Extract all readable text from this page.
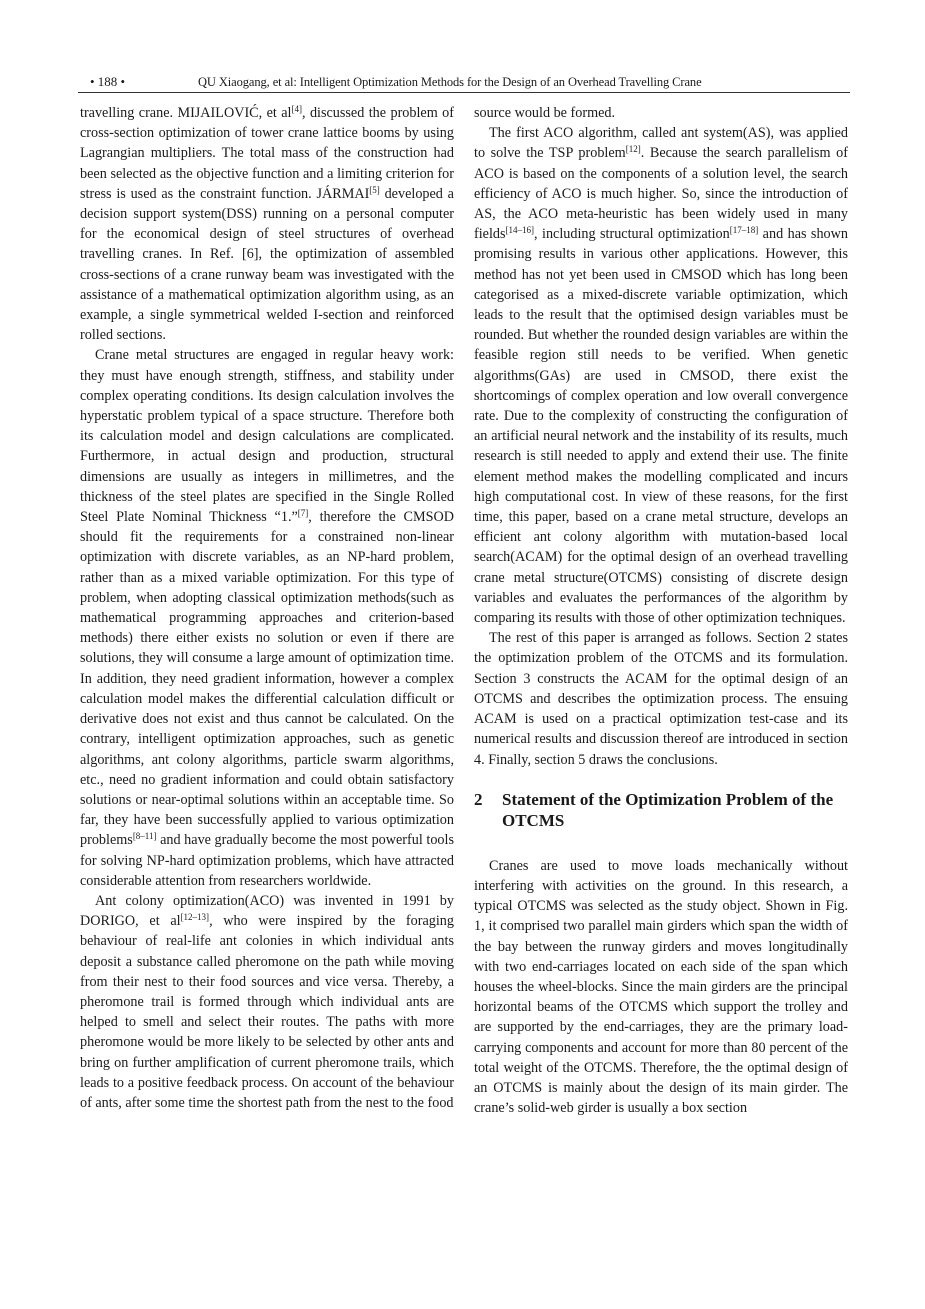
• 188 •	QU Xiaogang, et al: Intelligent Optimization Methods for the Design of an Overhead Travelling Crane

travelling crane. MIJAILOVIĆ, et al[4], discussed the problem of cross-section optimization of tower crane lattice booms by using Lagrangian multipliers. The total mass of the construction had been selected as the objective function and a limiting criterion for stress is used as the constraint function. JÁRMAI[5] developed a decision support system(DSS) running on a personal computer for the economical design of steel structures of overhead travelling cranes. In Ref. [6], the optimization of assembled cross-sections of a crane runway beam was investigated with the assistance of a mathematical optimization algorithm using, as an example, a single symmetrical welded I-section and reinforced rolled sections.

Crane metal structures are engaged in regular heavy work: they must have enough strength, stiffness, and stability under complex operating conditions. Its design calculation involves the hyperstatic problem typical of a space structure. Therefore both its calculation model and design calculations are complicated. Furthermore, in actual design and production, structural dimensions are usually as integers in millimetres, and the thickness of the steel plates are specified in the Single Rolled Steel Plate Nominal Thickness “1.”[7], therefore the CMSOD should fit the requirements for a constrained non-linear optimization with discrete variables, as an NP-hard problem, rather than as a mixed variable optimization. For this type of problem, when adopting classical optimization methods(such as mathematical programming approaches and criterion-based methods) there either exists no solution or even if there are solutions, they will consume a large amount of optimization time. In addition, they need gradient information, however a complex calculation model makes the differential calculation difficult or derivative does not exist and thus cannot be calculated. On the contrary, intelligent optimization approaches, such as genetic algorithms, ant colony algorithms, particle swarm algorithms, etc., need no gradient information and could obtain satisfactory solutions or near-optimal solutions within an acceptable time. So far, they have been successfully applied to various optimization problems[8–11] and have gradually become the most powerful tools for solving NP-hard optimization problems, which have attracted considerable attention from researchers worldwide.

Ant colony optimization(ACO) was invented in 1991 by DORIGO, et al[12–13], who were inspired by the foraging behaviour of real-life ant colonies in which individual ants deposit a substance called pheromone on the path while moving from their nest to their food sources and vice versa. Thereby, a pheromone trail is formed through which individual ants are helped to smell and select their routes. The paths with more pheromone would be more likely to be selected by other ants and bring on further amplification of current pheromone trails, which leads to a positive feedback process. On account of the behaviour of ants, after some time the shortest path from the nest to the food

source would be formed.

The first ACO algorithm, called ant system(AS), was applied to solve the TSP problem[12]. Because the search parallelism of ACO is based on the components of a solution level, the search efficiency of ACO is much higher. So, since the introduction of AS, the ACO meta-heuristic has been widely used in many fields[14–16], including structural optimization[17–18] and has shown promising results in various other applications. However, this method has not yet been used in CMSOD which has long been categorised as a mixed-discrete variable optimization, which leads to the result that the optimised design variables must be rounded. But whether the rounded design variables are within the feasible region still needs to be verified. When genetic algorithms(GAs) are used in CMSOD, there exist the shortcomings of complex operation and low overall convergence rate. Due to the complexity of constructing the configuration of an artificial neural network and the instability of its results, much research is still needed to apply and extend their use. The finite element method makes the modelling complicated and incurs high computational cost. In view of these reasons, for the first time, this paper, based on a crane metal structure, develops an efficient ant colony algorithm with mutation-based local search(ACAM) for the optimal design of an overhead travelling crane metal structure(OTCMS) consisting of discrete design variables and evaluates the performances of the algorithm by comparing its results with those of other optimization techniques.

The rest of this paper is arranged as follows. Section 2 states the optimization problem of the OTCMS and its formulation. Section 3 constructs the ACAM for the optimal design of an OTCMS and describes the optimization process. The ensuing ACAM is used on a practical optimization test-case and its numerical results and discussion thereof are introduced in section 4. Finally, section 5 draws the conclusions.

2	Statement of the Optimization Problem of the OTCMS

Cranes are used to move loads mechanically without interfering with activities on the ground. In this research, a typical OTCMS was selected as the study object. Shown in Fig. 1, it comprised two parallel main girders which span the width of the bay between the runway girders and moves longitudinally with two end-carriages located on each side of the span which houses the wheel-blocks. Since the main girders are the principal horizontal beams of the OTCMS which support the trolley and are supported by the end-carriages, they are the primary load-carrying components and account for more than 80 percent of the total weight of the OTCMS. Therefore, the the optimal design of an OTCMS is mainly about the design of its main girder. The crane’s solid-web girder is usually a box section
